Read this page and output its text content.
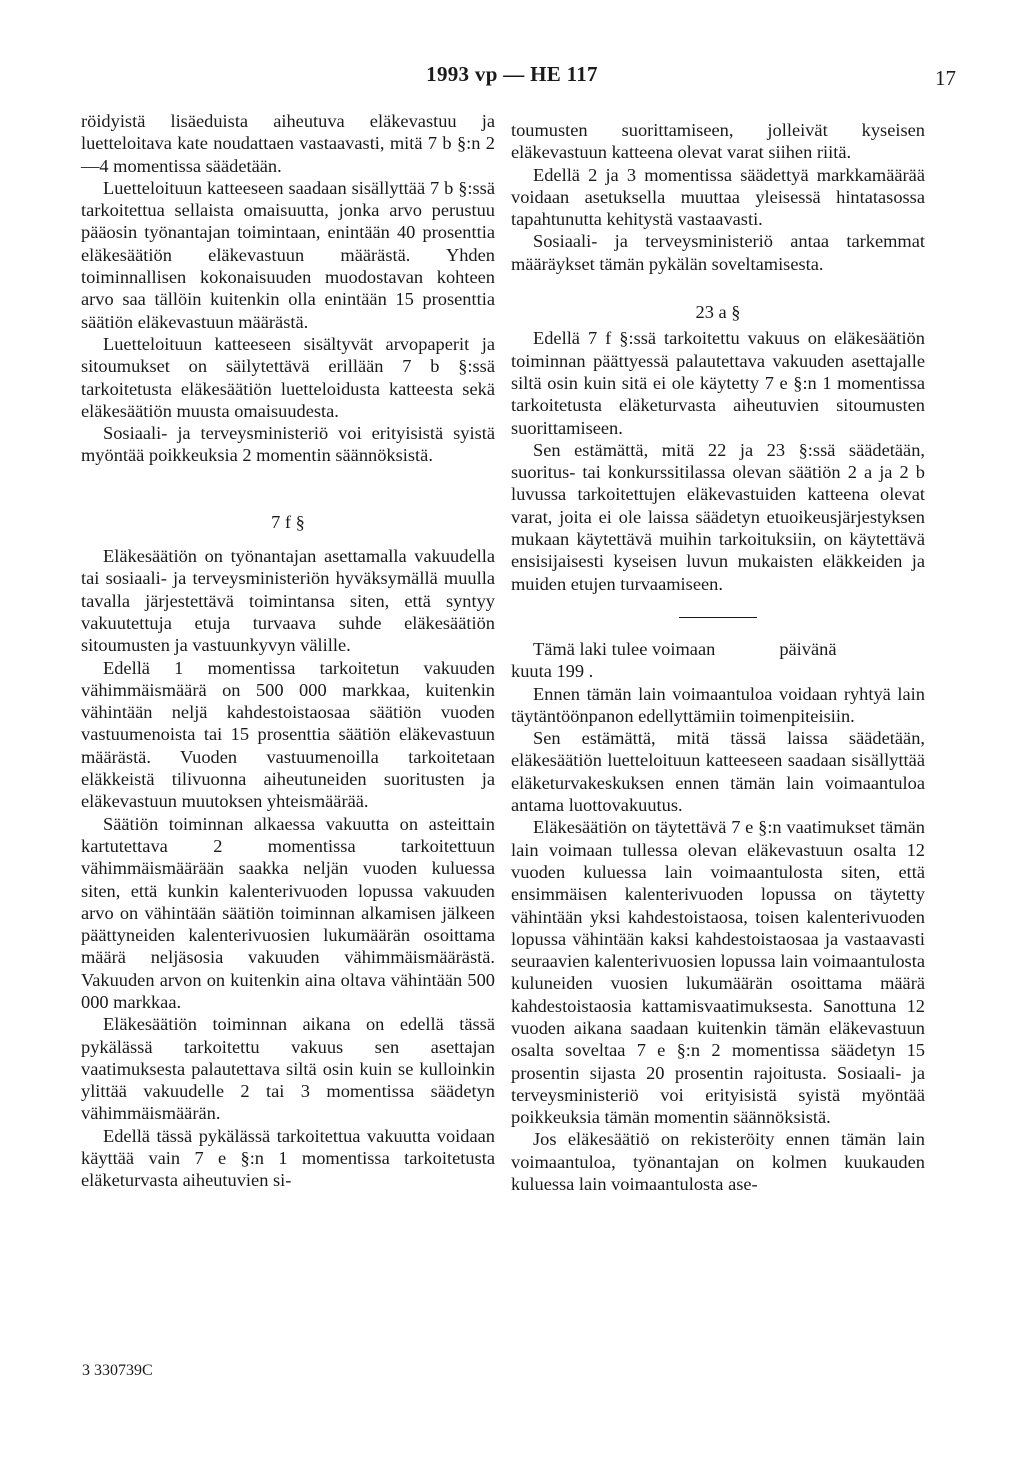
1993 vp — HE 117	17

röidyistä lisäeduista aiheutuva eläkevastuu ja luetteloitava kate noudattaen vastaavasti, mitä 7 b §:n 2—4 momentissa säädetään.

Luetteloituun katteeseen saadaan sisällyttää 7 b §:ssä tarkoitettua sellaista omaisuutta, jonka arvo perustuu pääosin työnantajan toimintaan, enintään 40 prosenttia eläkesäätiön eläkevastuun määrästä. Yhden toiminnallisen kokonaisuuden muodostavan kohteen arvo saa tällöin kuitenkin olla enintään 15 prosenttia säätiön eläkevastuun määrästä.

Luetteloituun katteeseen sisältyvät arvopaperit ja sitoumukset on säilytettävä erillään 7 b §:ssä tarkoitetusta eläkesäätiön luetteloidusta katteesta sekä eläkesäätiön muusta omaisuudesta.

Sosiaali- ja terveysministeriö voi erityisistä syistä myöntää poikkeuksia 2 momentin säännöksistä.

7 f §

Eläkesäätiön on työnantajan asettamalla vakuudella tai sosiaali- ja terveysministeriön hyväksymällä muulla tavalla järjestettävä toimintansa siten, että syntyy vakuutettuja etuja turvaava suhde eläkesäätiön sitoumusten ja vastuunkyvyn välille.

Edellä 1 momentissa tarkoitetun vakuuden vähimmäismäärä on 500 000 markkaa, kuitenkin vähintään neljä kahdestoistaosaa säätiön vuoden vastuumenoista tai 15 prosenttia säätiön eläkevastuun määrästä. Vuoden vastuumenoilla tarkoitetaan eläkkeistä tilivuonna aiheutuneiden suoritusten ja eläkevastuun muutoksen yhteismäärää.

Säätiön toiminnan alkaessa vakuutta on asteittain kartutettava 2 momentissa tarkoitettuun vähimmäismäärään saakka neljän vuoden kuluessa siten, että kunkin kalenterivuoden lopussa vakuuden arvo on vähintään säätiön toiminnan alkamisen jälkeen päättyneiden kalenterivuosien lukumäärän osoittama määrä neljäsosia vakuuden vähimmäismäärästä. Vakuuden arvon on kuitenkin aina oltava vähintään 500 000 markkaa.

Eläkesäätiön toiminnan aikana on edellä tässä pykälässä tarkoitettu vakuus sen asettajan vaatimuksesta palautettava siltä osin kuin se kulloinkin ylittää vakuudelle 2 tai 3 momentissa säädetyn vähimmäismäärän.

Edellä tässä pykälässä tarkoitettua vakuutta voidaan käyttää vain 7 e §:n 1 momentissa tarkoitetusta eläketurvasta aiheutuvien si-

toumusten suorittamiseen, jolleivät kyseisen eläkevastuun katteena olevat varat siihen riitä.

Edellä 2 ja 3 momentissa säädettyä markkamäärää voidaan asetuksella muuttaa yleisessä hintatasossa tapahtunutta kehitystä vastaavasti.

Sosiaali- ja terveysministeriö antaa tarkemmat määräykset tämän pykälän soveltamisesta.

23 a §

Edellä 7 f §:ssä tarkoitettu vakuus on eläkesäätiön toiminnan päättyessä palautettava vakuuden asettajalle siltä osin kuin sitä ei ole käytetty 7 e §:n 1 momentissa tarkoitetusta eläketurvasta aiheutuvien sitoumusten suorittamiseen.

Sen estämättä, mitä 22 ja 23 §:ssä säädetään, suoritus- tai konkurssitilassa olevan säätiön 2 a ja 2 b luvussa tarkoitettujen eläkevastuiden katteena olevat varat, joita ei ole laissa säädetyn etuoikeusjärjestyksen mukaan käytettävä muihin tarkoituksiin, on käytettävä ensisijaisesti kyseisen luvun mukaisten eläkkeiden ja muiden etujen turvaamiseen.

Tämä laki tulee voimaan	päivänä
kuuta 199 .

Ennen tämän lain voimaantuloa voidaan ryhtyä lain täytäntöönpanon edellyttämiin toimenpiteisiin.

Sen estämättä, mitä tässä laissa säädetään, eläkesäätiön luetteloituun katteeseen saadaan sisällyttää eläketurvakeskuksen ennen tämän lain voimaantuloa antama luottovakuutus.

Eläkesäätiön on täytettävä 7 e §:n vaatimukset tämän lain voimaan tullessa olevan eläkevastuun osalta 12 vuoden kuluessa lain voimaantulosta siten, että ensimmäisen kalenterivuoden lopussa on täytetty vähintään yksi kahdestoistaosa, toisen kalenterivuoden lopussa vähintään kaksi kahdestoistaosaa ja vastaavasti seuraavien kalenterivuosien lopussa lain voimaantulosta kuluneiden vuosien lukumäärän osoittama määrä kahdestoistaosia kattamisvaatimuksesta. Sanottuna 12 vuoden aikana saadaan kuitenkin tämän eläkevastuun osalta soveltaa 7 e §:n 2 momentissa säädetyn 15 prosentin sijasta 20 prosentin rajoitusta. Sosiaali- ja terveysministeriö voi erityisistä syistä myöntää poikkeuksia tämän momentin säännöksistä.

Jos eläkesäätiö on rekisteröity ennen tämän lain voimaantuloa, työnantajan on kolmen kuukauden kuluessa lain voimaantulosta ase-

3 330739C
